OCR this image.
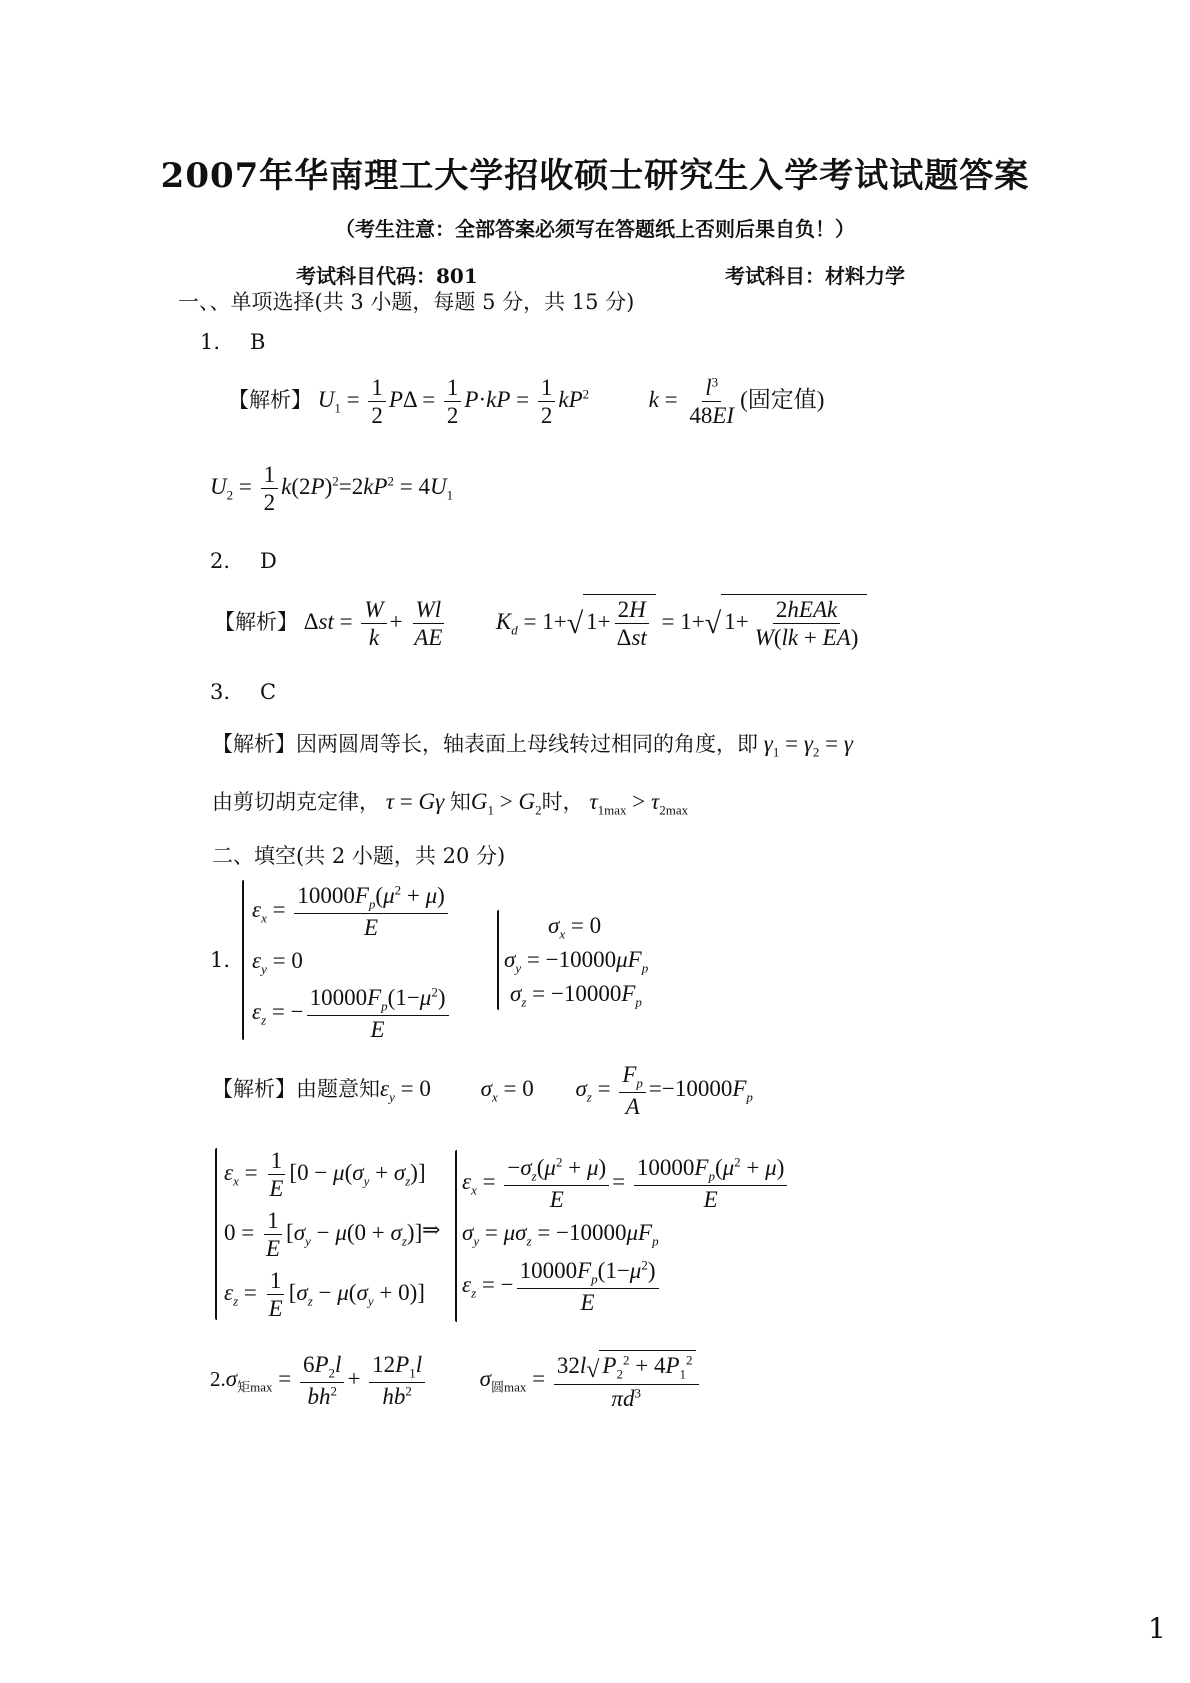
2007年华南理工大学招收硕士研究生入学考试试题答案
（考生注意：全部答案必须写在答题纸上否则后果自负！）
考试科目代码：801	考试科目：材料力学
一、、单项选择(共 3 小题，每题 5 分，共 15 分)
1. B
【解析】 $U_1 = \frac{1}{2}$ $P\Delta = \frac{1}{2} P\cdot kP = \frac{1}{2} kP^2$	$k = \frac{l^3}{48EI}$ (固定值)
$U_2 = \frac{1}{2} k(2P)^2=2kP^2 = 4U_1$
2. D
【解析】 $\Delta st = \frac{W}{k} + \frac{Wl}{AE} K_d = 1+√$ $1+ \frac{2H}{\text{Δst}} = 1+√$ $1+ \frac{\text{2hEAk}}{W(lk + EA)}$
3. C
【解析】因两圆周等长，轴表面上母线转过相同的角度，即 $\gamma_1 = \gamma_2 = \gamma$
由剪切胡克定律， τ = Gγ 知$G_1 > G_2$时， $\tau_{1max} > \tau_{2max}$
二、填空(共 2 小题，共 20 分)
1.
$\varepsilon_x = \frac{10000F_p(\mu^2 + \mu)}{E}$
$\varepsilon_y = 0$
$\varepsilon_z$ = − $\frac{10000F_p(1-\mu^2)}{E}$
$\sigma_x = 0$
$\sigma_y = -10000\mu F_p$
$\sigma_z = -10000F_p$
【解析】由题意知$\varepsilon_y = 0$ $\sigma_x = 0$ $\sigma_z = \frac{F_p}{A} =-10000F_p$
$\varepsilon_x = \frac{1}{E} [0 - \mu(\sigma_y + \sigma_z)]$
$0 = \frac{1}{E} [\sigma_y - \mu(0 + \sigma_z)]$
$\varepsilon_z = \frac{1}{E} [\sigma_z - \mu(\sigma_y + 0)]$
⇒
$\varepsilon_x = \frac{-\sigma_z(\mu^2 + \mu)}{E} = \frac{10000F_p(\mu^2 + \mu)}{E}$
$\sigma_y = \mu\sigma_z = -10000\mu F_p$
$\varepsilon_z$ = − $\frac{10000F_p(1-\mu^2)}{E}$
$2.\sigma_{矩max} = \frac{6P_2l}{bh^2} + \frac{12P_1l}{hb^2} \sigma_{圆max} = \frac{32l√ P_2^2 + 4P_1^2}{\pi d^3}$
1
